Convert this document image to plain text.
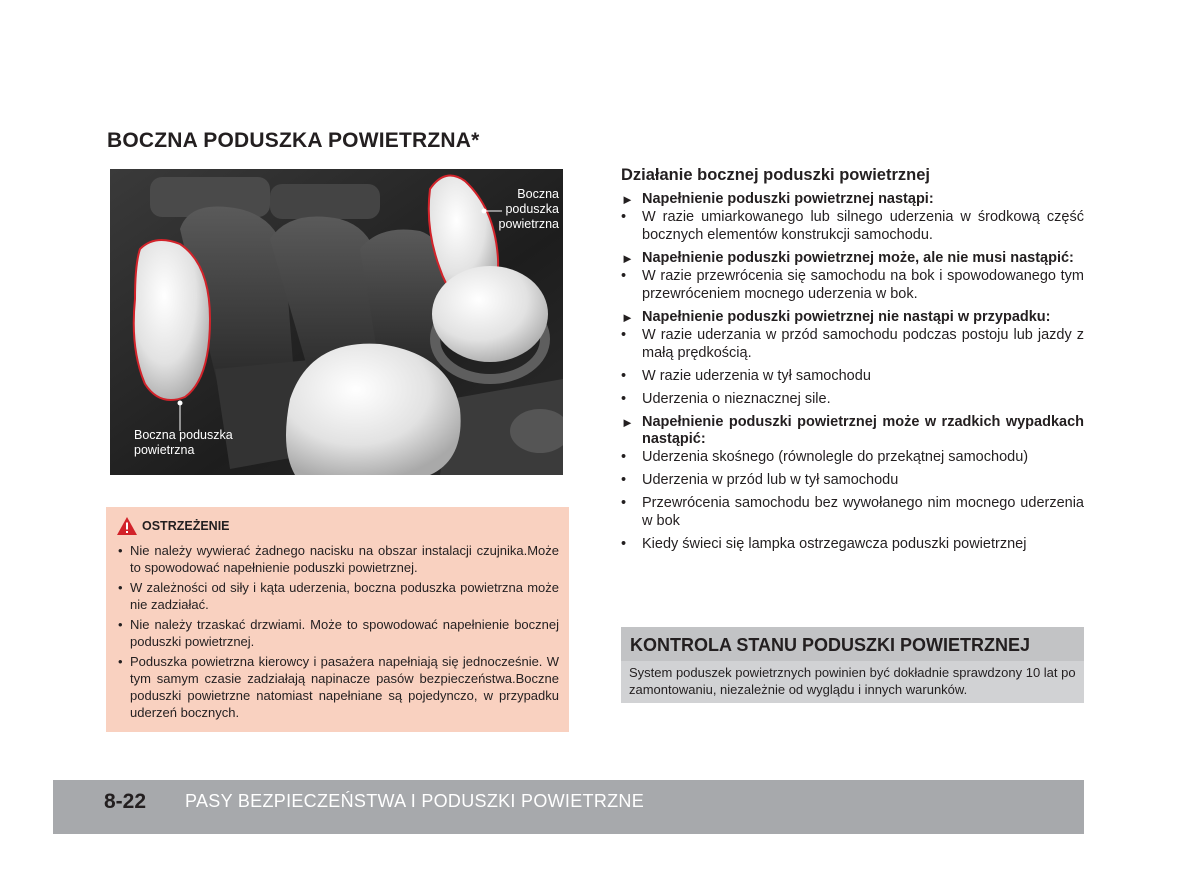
BOCZNA PODUSZKA POWIETRZNA*
Boczna
poduszka
powietrzna
Boczna poduszka
powietrzna
OSTRZEŻENIE
• Nie należy wywierać żadnego nacisku na obszar instalacji czujnika.Może to spowodować napełnienie poduszki powietrznej.
• W zależności od siły i kąta uderzenia, boczna poduszka powietrzna może nie zadziałać.
• Nie należy trzaskać drzwiami. Może to spowodować napełnienie bocznej poduszki powietrznej.
• Poduszka powietrzna kierowcy i pasażera napełniają się jednocześnie. W tym samym czasie zadziałają napinacze pasów bezpieczeństwa.Boczne poduszki powietrzne natomiast napełniane są pojedynczo, w przypadku uderzeń bocznych.
Działanie bocznej poduszki powietrznej
► Napełnienie poduszki powietrznej nastąpi:
• W razie umiarkowanego lub silnego uderzenia w środkową część bocznych elementów konstrukcji samochodu.
► Napełnienie poduszki powietrznej może, ale nie musi nastąpić:
• W razie przewrócenia się samochodu na bok i spowodowanego tym przewróceniem mocnego uderzenia w bok.
► Napełnienie poduszki powietrznej nie nastąpi w przypadku:
• W razie uderzania w przód samochodu podczas postoju lub jazdy z małą prędkością.
• W razie uderzenia w tył samochodu
• Uderzenia o nieznacznej sile.
► Napełnienie poduszki powietrznej może w rzadkich wypadkach nastąpić:
• Uderzenia skośnego (równolegle do przekątnej samochodu)
• Uderzenia w przód lub w tył samochodu
• Przewrócenia samochodu bez wywołanego nim mocnego uderzenia w bok
• Kiedy świeci się lampka ostrzegawcza poduszki powietrznej
KONTROLA STANU PODUSZKI POWIETRZNEJ
System poduszek powietrznych powinien być dokładnie sprawdzony 10 lat po zamontowaniu, niezależnie od wyglądu i innych warunków.
8-22 PASY BEZPIECZEŃSTWA I PODUSZKI POWIETRZNE
